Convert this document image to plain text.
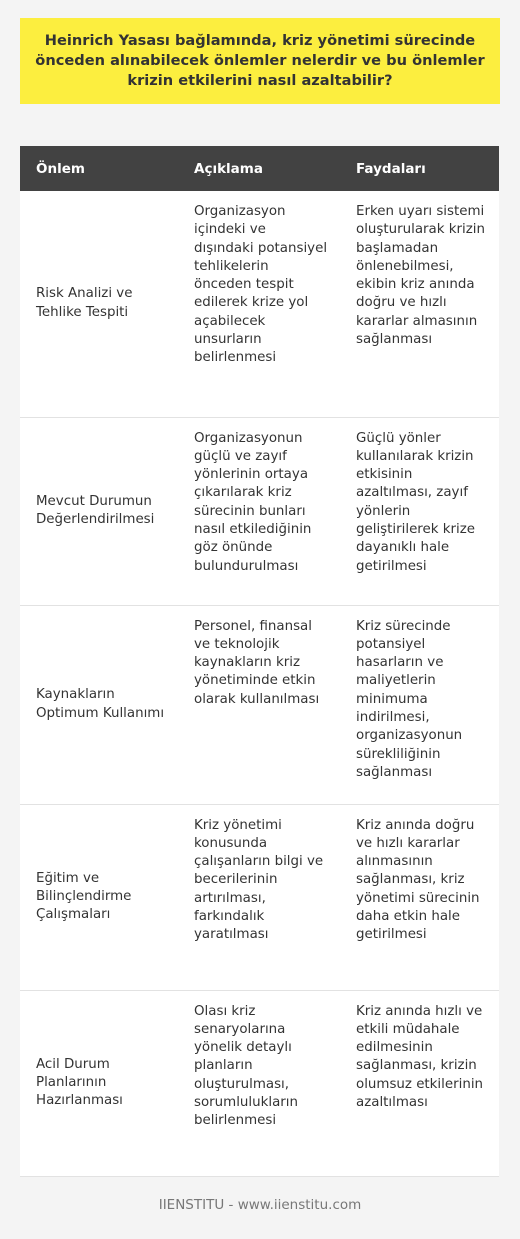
Heinrich Yasası bağlamında, kriz yönetimi sürecinde önceden alınabilecek önlemler nelerdir ve bu önlemler krizin etkilerini nasıl azaltabilir?
Önlem	Açıklama	Faydaları
Risk Analizi ve Tehlike Tespiti	Organizasyon içindeki ve dışındaki potansiyel tehlikelerin önceden tespit edilerek krize yol açabilecek unsurların belirlenmesi	Erken uyarı sistemi oluşturularak krizin başlamadan önlenebilmesi, ekibin kriz anında doğru ve hızlı kararlar almasının sağlanması
Mevcut Durumun Değerlendirilmesi	Organizasyonun güçlü ve zayıf yönlerinin ortaya çıkarılarak kriz sürecinin bunları nasıl etkilediğinin göz önünde bulundurulması	Güçlü yönler kullanılarak krizin etkisinin azaltılması, zayıf yönlerin geliştirilerek krize dayanıklı hale getirilmesi
Kaynakların Optimum Kullanımı	Personel, finansal ve teknolojik kaynakların kriz yönetiminde etkin olarak kullanılması	Kriz sürecinde potansiyel hasarların ve maliyetlerin minimuma indirilmesi, organizasyonun sürekliliğinin sağlanması
Eğitim ve Bilinçlendirme Çalışmaları	Kriz yönetimi konusunda çalışanların bilgi ve becerilerinin artırılması, farkındalık yaratılması	Kriz anında doğru ve hızlı kararlar alınmasının sağlanması, kriz yönetimi sürecinin daha etkin hale getirilmesi
Acil Durum Planlarının Hazırlanması	Olası kriz senaryolarına yönelik detaylı planların oluşturulması, sorumlulukların belirlenmesi	Kriz anında hızlı ve etkili müdahale edilmesinin sağlanması, krizin olumsuz etkilerinin azaltılması
IIENSTITU - www.iienstitu.com
